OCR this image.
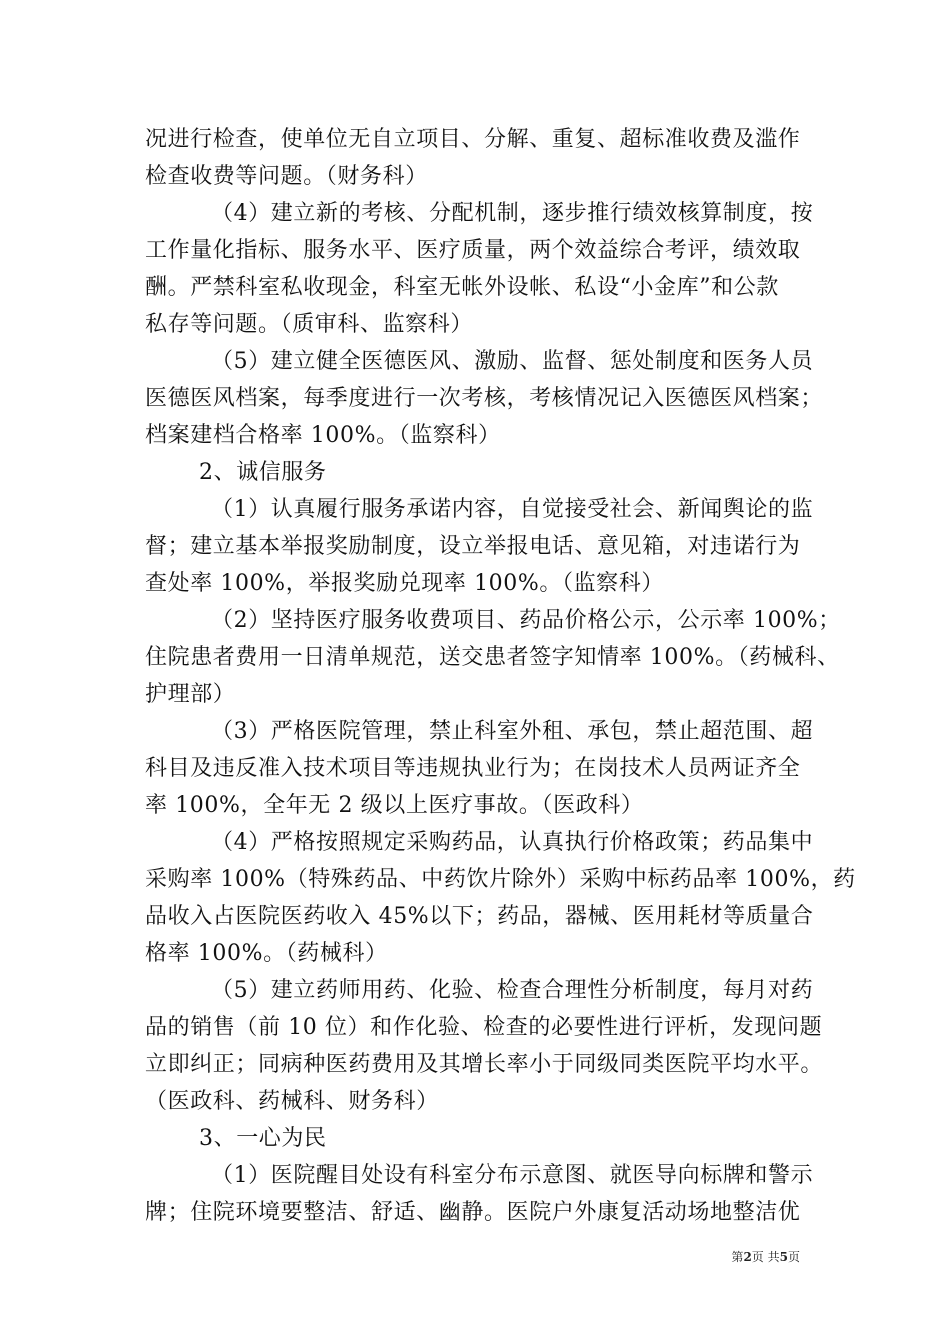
况进行检查，使单位无自立项目、分解、重复、超标准收费及滥作
检查收费等问题。（财务科）
（4）建立新的考核、分配机制，逐步推行绩效核算制度，按
工作量化指标、服务水平、医疗质量，两个效益综合考评，绩效取
酬。严禁科室私收现金，科室无帐外设帐、私设“小金库”和公款
私存等问题。（质审科、监察科）
（5）建立健全医德医风、激励、监督、惩处制度和医务人员
医德医风档案，每季度进行一次考核，考核情况记入医德医风档案；
档案建档合格率 100%。（监察科）
2、诚信服务
（1）认真履行服务承诺内容，自觉接受社会、新闻舆论的监
督；建立基本举报奖励制度，设立举报电话、意见箱，对违诺行为
查处率 100%，举报奖励兑现率 100%。（监察科）
（2）坚持医疗服务收费项目、药品价格公示，公示率 100%；
住院患者费用一日清单规范，送交患者签字知情率 100%。（药械科、
护理部）
（3）严格医院管理，禁止科室外租、承包，禁止超范围、超
科目及违反准入技术项目等违规执业行为；在岗技术人员两证齐全
率 100%，全年无 2 级以上医疗事故。（医政科）
（4）严格按照规定采购药品，认真执行价格政策；药品集中
采购率 100%（特殊药品、中药饮片除外）采购中标药品率 100%，药
品收入占医院医药收入 45%以下；药品，器械、医用耗材等质量合
格率 100%。（药械科）
（5）建立药师用药、化验、检查合理性分析制度，每月对药
品的销售（前 10 位）和作化验、检查的必要性进行评析，发现问题
立即纠正；同病种医药费用及其增长率小于同级同类医院平均水平。
（医政科、药械科、财务科）
3、一心为民
（1）医院醒目处设有科室分布示意图、就医导向标牌和警示
牌；住院环境要整洁、舒适、幽静。医院户外康复活动场地整洁优
第2页 共5页
